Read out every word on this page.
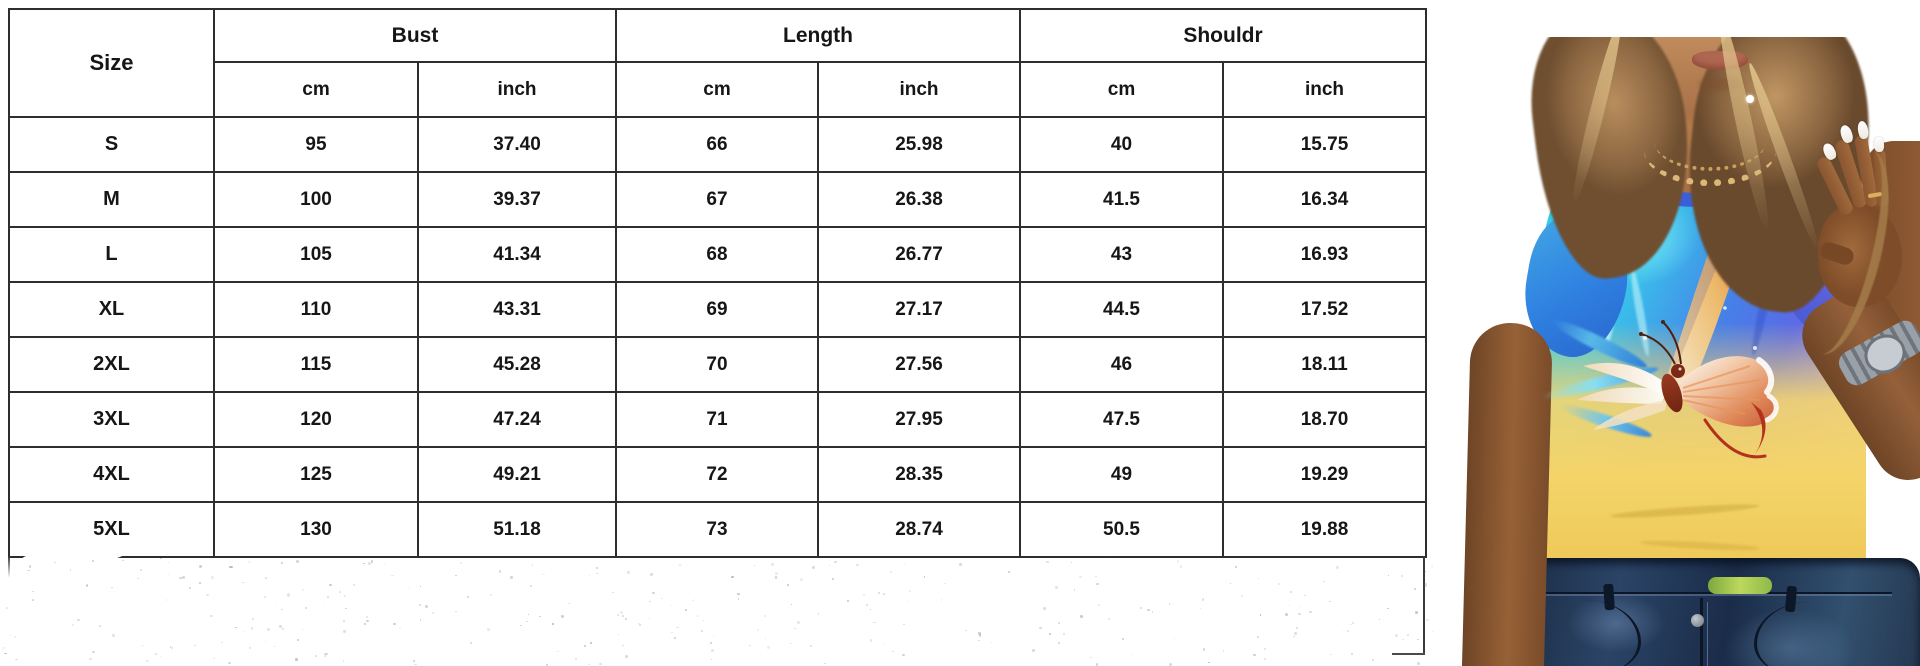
Size	Bust		Length		Shouldr	
	cm	inch	cm	inch	cm	inch
S	95	37.40	66	25.98	40	15.75
M	100	39.37	67	26.38	41.5	16.34
L	105	41.34	68	26.77	43	16.93
XL	110	43.31	69	27.17	44.5	17.52
2XL	115	45.28	70	27.56	46	18.11
3XL	120	47.24	71	27.95	47.5	18.70
4XL	125	49.21	72	28.35	49	19.29
5XL	130	51.18	73	28.74	50.5	19.88
